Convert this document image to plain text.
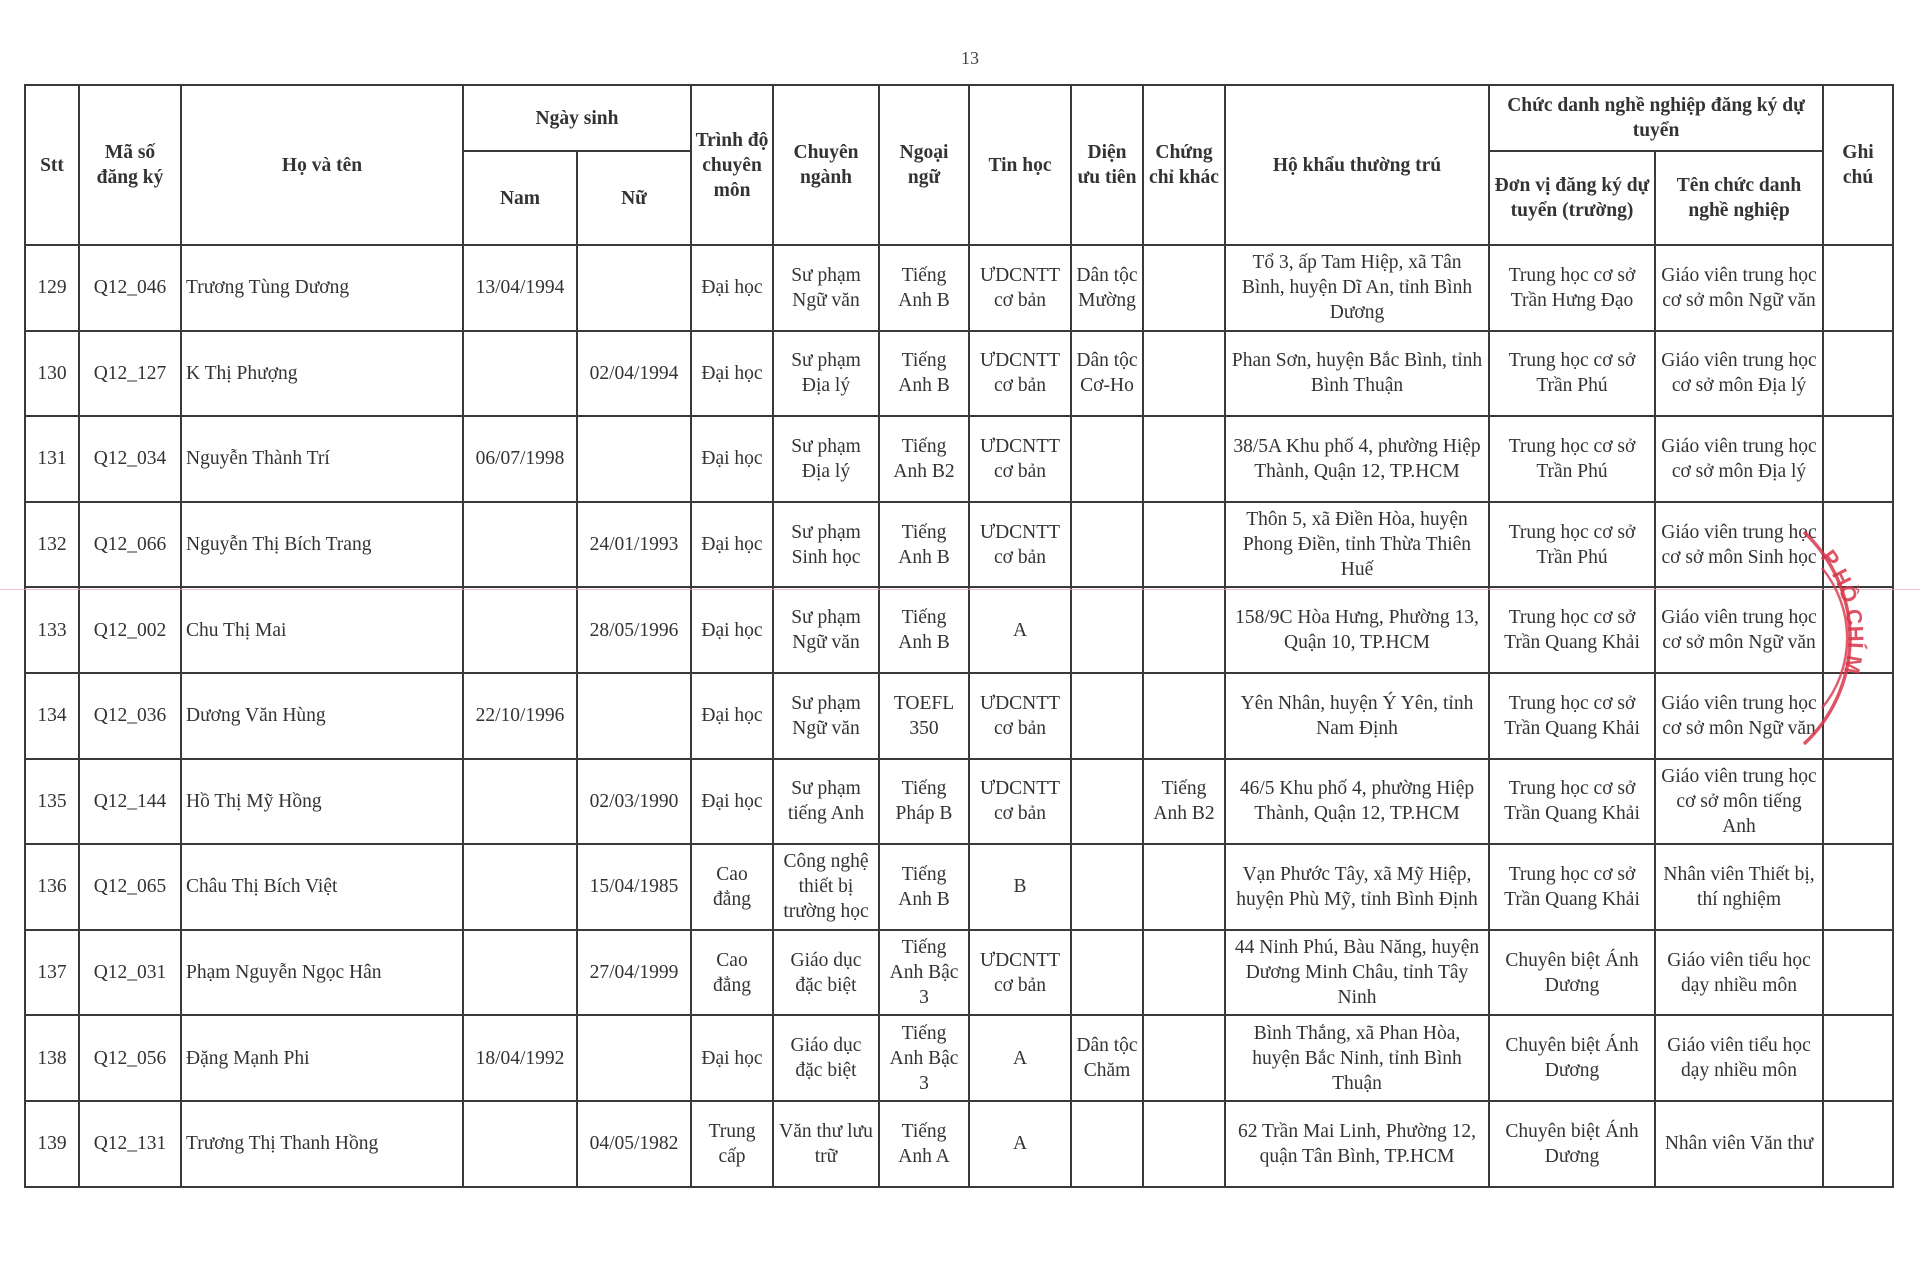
13
Stt	Mã số đăng ký	Họ và tên	Ngày sinh		Trình độ chuyên môn	Chuyên ngành	Ngoại ngữ	Tin học	Diện ưu tiên	Chứng chỉ khác	Hộ khẩu thường trú	Chức danh nghề nghiệp đăng ký dự tuyển		Ghi chú
			Nam	Nữ								Đơn vị đăng ký dự tuyển (trường)	Tên chức danh nghề nghiệp	
129	Q12_046	Trương Tùng Dương	13/04/1994		Đại học	Sư phạm Ngữ văn	Tiếng Anh B	ƯDCNTT cơ bản	Dân tộc Mường		Tổ 3, ấp Tam Hiệp, xã Tân Bình, huyện Dĩ An, tỉnh Bình Dương	Trung học cơ sở Trần Hưng Đạo	Giáo viên trung học cơ sở môn Ngữ văn	
130	Q12_127	K Thị Phượng		02/04/1994	Đại học	Sư phạm Địa lý	Tiếng Anh B	ƯDCNTT cơ bản	Dân tộc Cơ-Ho		Phan Sơn, huyện Bắc Bình, tỉnh Bình Thuận	Trung học cơ sở Trần Phú	Giáo viên trung học cơ sở môn Địa lý	
131	Q12_034	Nguyễn Thành Trí	06/07/1998		Đại học	Sư phạm Địa lý	Tiếng Anh B2	ƯDCNTT cơ bản			38/5A Khu phố 4, phường Hiệp Thành, Quận 12, TP.HCM	Trung học cơ sở Trần Phú	Giáo viên trung học cơ sở môn Địa lý	
132	Q12_066	Nguyễn Thị Bích Trang		24/01/1993	Đại học	Sư phạm Sinh học	Tiếng Anh B	ƯDCNTT cơ bản			Thôn 5, xã Điền Hòa, huyện Phong Điền, tỉnh Thừa Thiên Huế	Trung học cơ sở Trần Phú	Giáo viên trung học cơ sở môn Sinh học	
133	Q12_002	Chu Thị Mai		28/05/1996	Đại học	Sư phạm Ngữ văn	Tiếng Anh B	A			158/9C Hòa Hưng, Phường 13, Quận 10, TP.HCM	Trung học cơ sở Trần Quang Khải	Giáo viên trung học cơ sở môn Ngữ văn	
134	Q12_036	Dương Văn Hùng	22/10/1996		Đại học	Sư phạm Ngữ văn	TOEFL 350	ƯDCNTT cơ bản			Yên Nhân, huyện Ý Yên, tỉnh Nam Định	Trung học cơ sở Trần Quang Khải	Giáo viên trung học cơ sở môn Ngữ văn	
135	Q12_144	Hồ Thị Mỹ Hồng		02/03/1990	Đại học	Sư phạm tiếng Anh	Tiếng Pháp B	ƯDCNTT cơ bản		Tiếng Anh B2	46/5 Khu phố 4, phường Hiệp Thành, Quận 12, TP.HCM	Trung học cơ sở Trần Quang Khải	Giáo viên trung học cơ sở môn tiếng Anh	
136	Q12_065	Châu Thị Bích Việt		15/04/1985	Cao đẳng	Công nghệ thiết bị trường học	Tiếng Anh B	B			Vạn Phước Tây, xã Mỹ Hiệp, huyện Phù Mỹ, tỉnh Bình Định	Trung học cơ sở Trần Quang Khải	Nhân viên Thiết bị, thí nghiệm	
137	Q12_031	Phạm Nguyễn Ngọc Hân		27/04/1999	Cao đẳng	Giáo dục đặc biệt	Tiếng Anh Bậc 3	ƯDCNTT cơ bản			44 Ninh Phú, Bàu Năng, huyện Dương Minh Châu, tỉnh Tây Ninh	Chuyên biệt Ánh Dương	Giáo viên tiểu học dạy nhiều môn	
138	Q12_056	Đặng Mạnh Phi	18/04/1992		Đại học	Giáo dục đặc biệt	Tiếng Anh Bậc 3	A	Dân tộc Chăm		Bình Thắng, xã Phan Hòa, huyện Bắc Ninh, tỉnh Bình Thuận	Chuyên biệt Ánh Dương	Giáo viên tiểu học dạy nhiều môn	
139	Q12_131	Trương Thị Thanh Hồng		04/05/1982	Trung cấp	Văn thư lưu trữ	Tiếng Anh A	A			62 Trần Mai Linh, Phường 12, quận Tân Bình, TP.HCM	Chuyên biệt Ánh Dương	Nhân viên Văn thư	
P HỒ CHÍ M
